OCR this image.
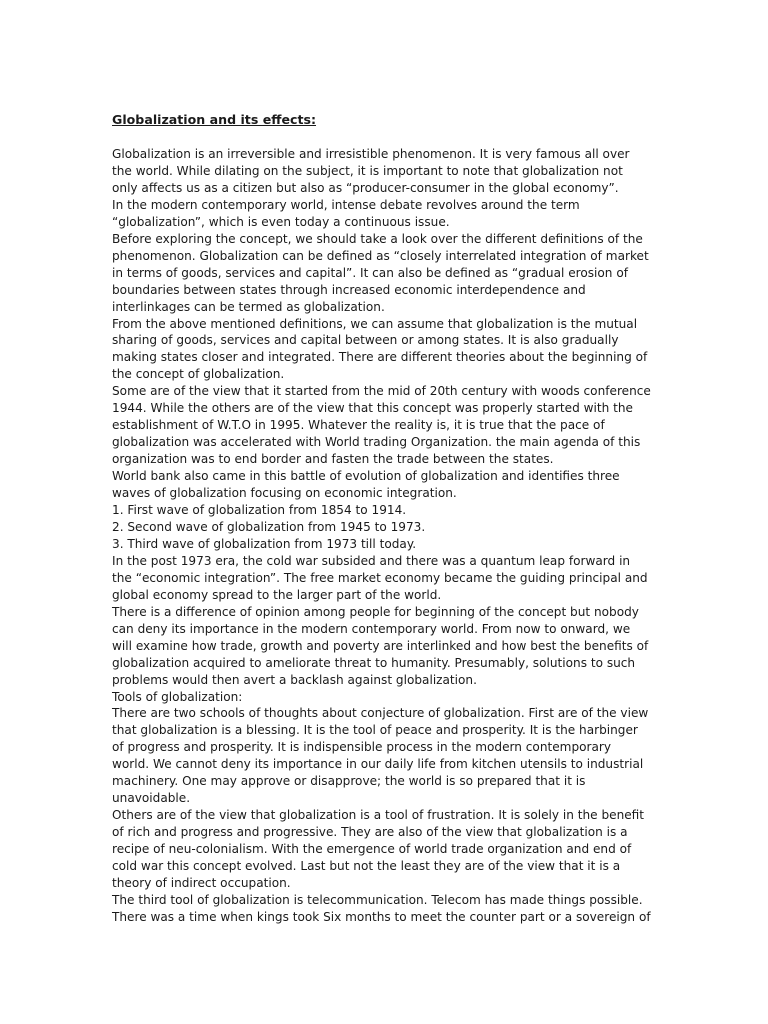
Globalization and its effects:
Globalization is an irreversible and irresistible phenomenon. It is very famous all over
the world. While dilating on the subject, it is important to note that globalization not
only affects us as a citizen but also as “producer-consumer in the global economy”.
In the modern contemporary world, intense debate revolves around the term
“globalization”, which is even today a continuous issue.
Before exploring the concept, we should take a look over the different definitions of the
phenomenon. Globalization can be defined as “closely interrelated integration of market
in terms of goods, services and capital”. It can also be defined as “gradual erosion of
boundaries between states through increased economic interdependence and
interlinkages can be termed as globalization.
From the above mentioned definitions, we can assume that globalization is the mutual
sharing of goods, services and capital between or among states. It is also gradually
making states closer and integrated. There are different theories about the beginning of
the concept of globalization.
Some are of the view that it started from the mid of 20th century with woods conference
1944. While the others are of the view that this concept was properly started with the
establishment of W.T.O in 1995. Whatever the reality is, it is true that the pace of
globalization was accelerated with World trading Organization. the main agenda of this
organization was to end border and fasten the trade between the states.
World bank also came in this battle of evolution of globalization and identifies three
waves of globalization focusing on economic integration.
1. First wave of globalization from 1854 to 1914.
2. Second wave of globalization from 1945 to 1973.
3. Third wave of globalization from 1973 till today.
In the post 1973 era, the cold war subsided and there was a quantum leap forward in
the “economic integration”. The free market economy became the guiding principal and
global economy spread to the larger part of the world.
There is a difference of opinion among people for beginning of the concept but nobody
can deny its importance in the modern contemporary world. From now to onward, we
will examine how trade, growth and poverty are interlinked and how best the benefits of
globalization acquired to ameliorate threat to humanity. Presumably, solutions to such
problems would then avert a backlash against globalization.
Tools of globalization:
There are two schools of thoughts about conjecture of globalization. First are of the view
that globalization is a blessing. It is the tool of peace and prosperity. It is the harbinger
of progress and prosperity. It is indispensible process in the modern contemporary
world. We cannot deny its importance in our daily life from kitchen utensils to industrial
machinery. One may approve or disapprove; the world is so prepared that it is
unavoidable.
Others are of the view that globalization is a tool of frustration. It is solely in the benefit
of rich and progress and progressive. They are also of the view that globalization is a
recipe of neu-colonialism. With the emergence of world trade organization and end of
cold war this concept evolved. Last but not the least they are of the view that it is a
theory of indirect occupation.
The third tool of globalization is telecommunication. Telecom has made things possible.
There was a time when kings took Six months to meet the counter part or a sovereign of
